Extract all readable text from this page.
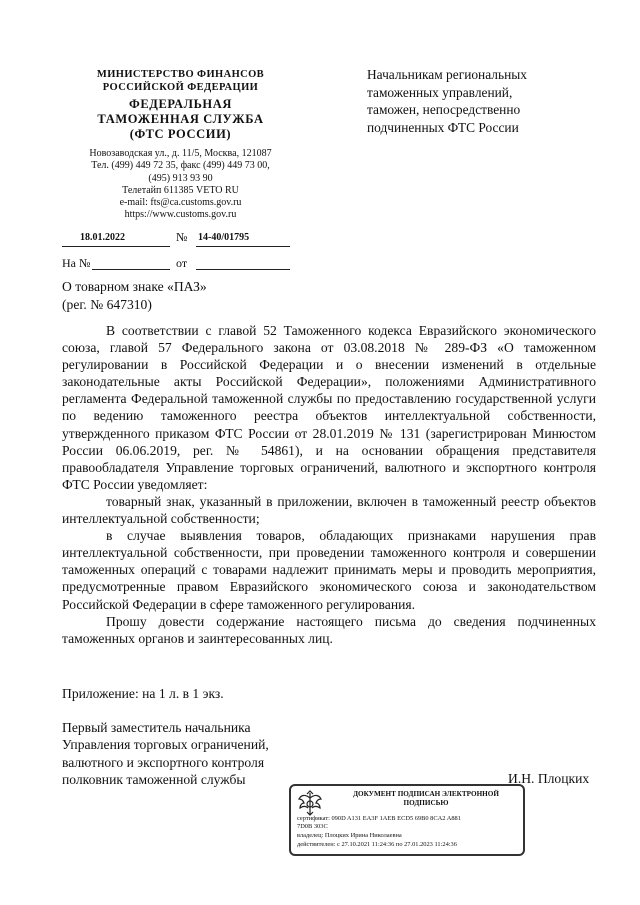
МИНИСТЕРСТВО ФИНАНСОВ
РОССИЙСКОЙ ФЕДЕРАЦИИ
ФЕДЕРАЛЬНАЯ
ТАМОЖЕННАЯ СЛУЖБА
(ФТС РОССИИ)
Новозаводская ул., д. 11/5, Москва, 121087
Тел. (499) 449 72 35, факс (499) 449 73 00,
(495) 913 93 90
Телетайп 611385 VETO RU
e-mail: fts@ca.customs.gov.ru
https://www.customs.gov.ru
18.01.2022	№ 14-40/01795
На №	от
Начальникам региональных
таможенных управлений,
таможен, непосредственно
подчиненных ФТС России
О товарном знаке «ПАЗ»
(рег. № 647310)

В соответствии с главой 52 Таможенного кодекса Евразийского экономического союза, главой 57 Федерального закона от 03.08.2018 № 289-ФЗ «О таможенном регулировании в Российской Федерации и о внесении изменений в отдельные законодательные акты Российской Федерации», положениями Административного регламента Федеральной таможенной службы по предоставлению государственной услуги по ведению таможенного реестра объектов интеллектуальной собственности, утвержденного приказом ФТС России от 28.01.2019 № 131 (зарегистрирован Минюстом России 06.06.2019, рег. № 54861), и на основании обращения представителя правообладателя Управление торговых ограничений, валютного и экспортного контроля ФТС России уведомляет:

товарный знак, указанный в приложении, включен в таможенный реестр объектов интеллектуальной собственности;

в случае выявления товаров, обладающих признаками нарушения прав интеллектуальной собственности, при проведении таможенного контроля и совершении таможенных операций с товарами надлежит принимать меры и проводить мероприятия, предусмотренные правом Евразийского экономического союза и законодательством Российской Федерации в сфере таможенного регулирования.

Прошу довести содержание настоящего письма до сведения подчиненных таможенных органов и заинтересованных лиц.

Приложение: на 1 л. в 1 экз.
Первый заместитель начальника
Управления торговых ограничений,
валютного и экспортного контроля
полковник таможенной службы	И.Н. Плоцких
ДОКУМЕНТ ПОДПИСАН ЭЛЕКТРОННОЙ
ПОДПИСЬЮ
сертификат: 090D A131 EA3F 1AEB ECD5 69B0 8CA2 A881
7D0B 303C
владелец: Плоцких Ирина Николаевна
действителен: с 27.10.2021 11:24:36 по 27.01.2023 11:24:36
